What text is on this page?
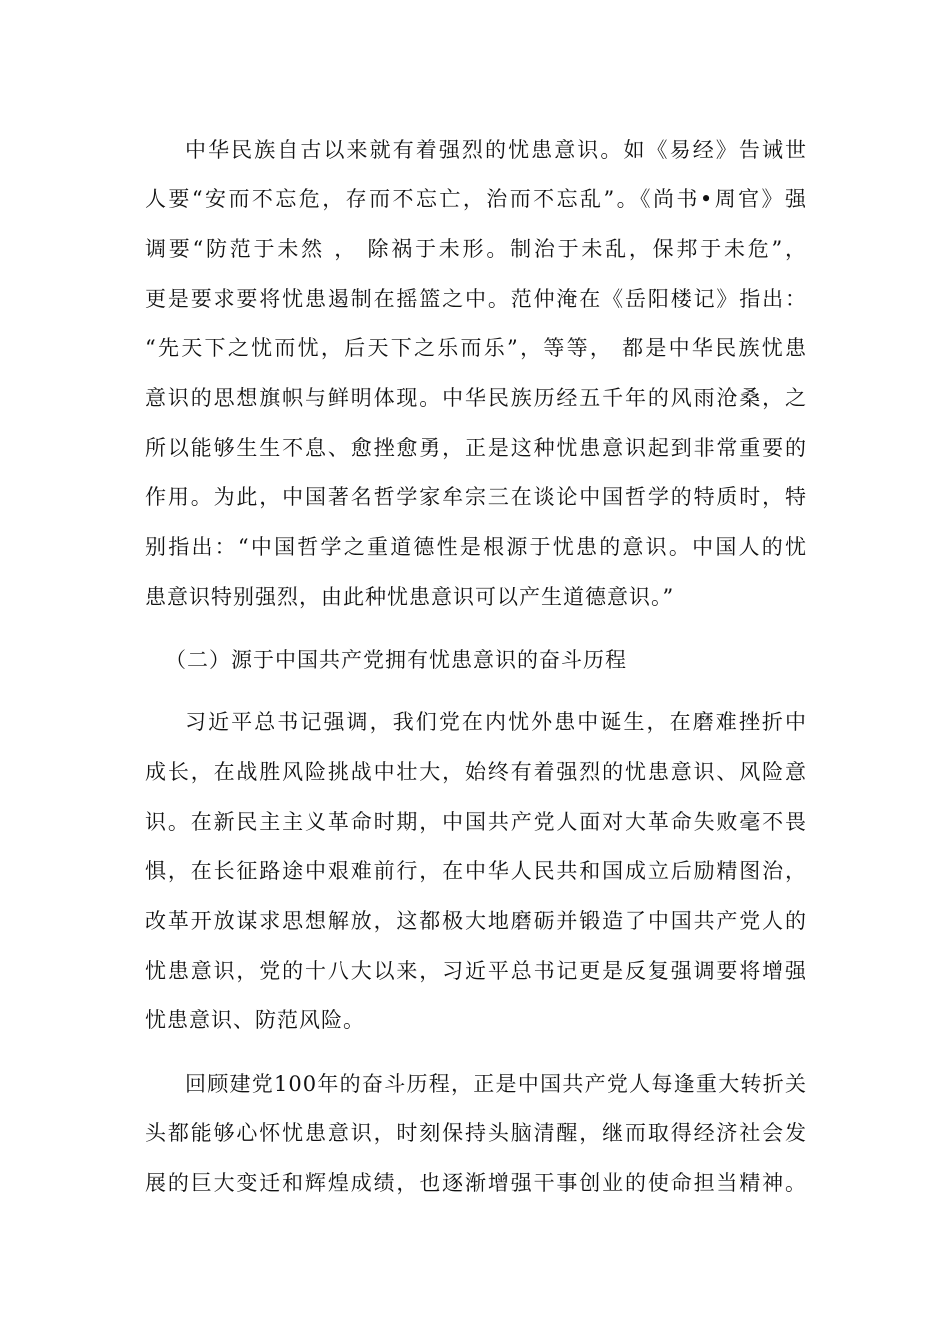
中华民族自古以来就有着强烈的忧患意识。如《易经》告诫世
人要“安而不忘危，存而不忘亡，治而不忘乱”。《尚书•周官》强
调要“防范于未然 ， 除祸于未形。制治于未乱，保邦于未危”，
更是要求要将忧患遏制在摇篮之中。范仲淹在《岳阳楼记》指出：
“先天下之忧而忧，后天下之乐而乐”，等等， 都是中华民族忧患
意识的思想旗帜与鲜明体现。中华民族历经五千年的风雨沧桑，之
所以能够生生不息、愈挫愈勇，正是这种忧患意识起到非常重要的
作用。为此，中国著名哲学家牟宗三在谈论中国哲学的特质时，特
别指出：“中国哲学之重道德性是根源于忧患的意识。中国人的忧
患意识特别强烈，由此种忧患意识可以产生道德意识。”
（二）源于中国共产党拥有忧患意识的奋斗历程
习近平总书记强调，我们党在内忧外患中诞生，在磨难挫折中
成长，在战胜风险挑战中壮大，始终有着强烈的忧患意识、风险意
识。在新民主主义革命时期，中国共产党人面对大革命失败毫不畏
惧，在长征路途中艰难前行，在中华人民共和国成立后励精图治，
改革开放谋求思想解放，这都极大地磨砺并锻造了中国共产党人的
忧患意识，党的十八大以来，习近平总书记更是反复强调要将增强
忧患意识、防范风险。
回顾建党100年的奋斗历程，正是中国共产党人每逢重大转折关
头都能够心怀忧患意识，时刻保持头脑清醒，继而取得经济社会发
展的巨大变迁和辉煌成绩，也逐渐增强干事创业的使命担当精神。
